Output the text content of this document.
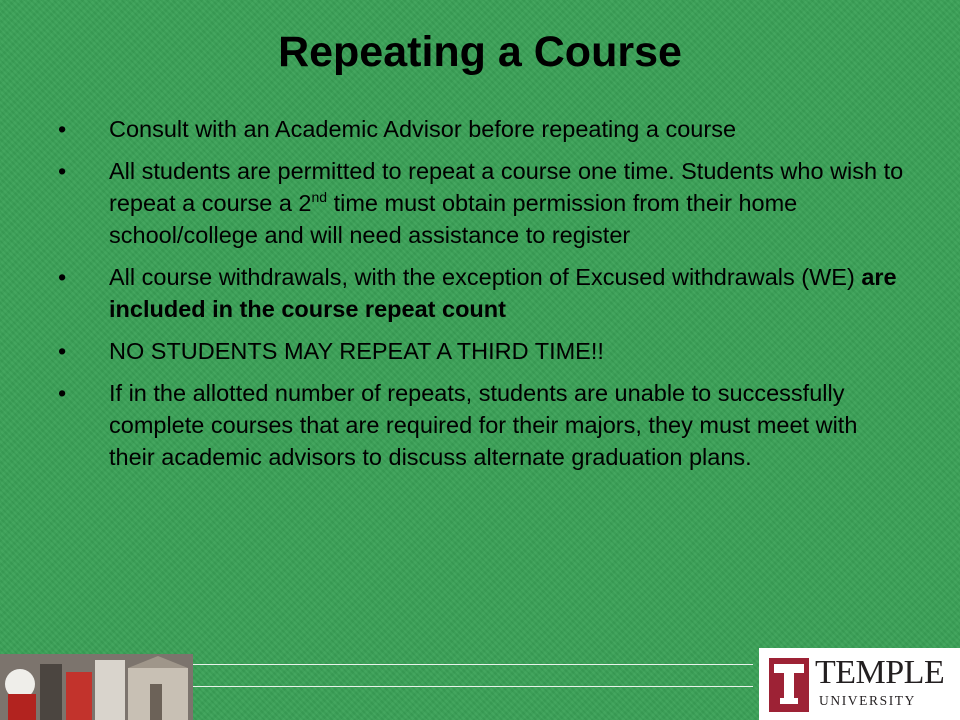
Repeating a Course
•	Consult with an Academic Advisor before repeating a course
•	All students are permitted to repeat a course one time. Students who wish to repeat a course a 2nd time must obtain permission from their home school/college and will need assistance to register
•	All course withdrawals, with the exception of Excused withdrawals (WE) are included in the course repeat count
•	NO STUDENTS MAY REPEAT A THIRD TIME!!
•	If in the allotted number of repeats, students are unable to successfully complete courses that are required for their majors, they must meet with their academic advisors to discuss alternate graduation plans.
TEMPLE
UNIVERSITY
